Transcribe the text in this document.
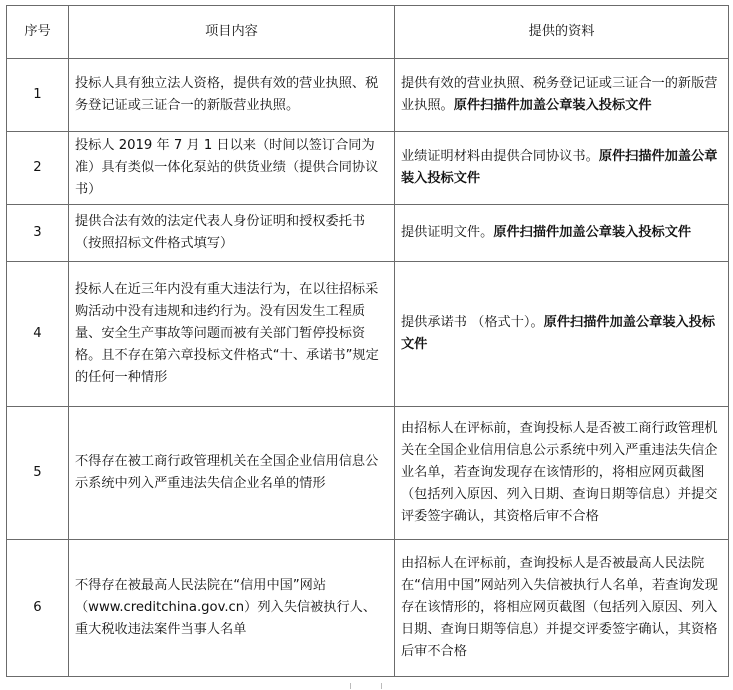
序号	项目内容	提供的资料
1	投标人具有独立法人资格，提供有效的营业执照、税务登记证或三证合一的新版营业执照。	提供有效的营业执照、税务登记证或三证合一的新版营业执照。原件扫描件加盖公章装入投标文件
2	投标人 2019 年 7 月 1 日以来（时间以签订合同为准）具有类似一体化泵站的供货业绩（提供合同协议书）	业绩证明材料由提供合同协议书。原件扫描件加盖公章装入投标文件
3	提供合法有效的法定代表人身份证明和授权委托书（按照招标文件格式填写）	提供证明文件。原件扫描件加盖公章装入投标文件
4	投标人在近三年内没有重大违法行为，在以往招标采购活动中没有违规和违约行为。没有因发生工程质量、安全生产事故等问题而被有关部门暂停投标资格。且不存在第六章投标文件格式“十、承诺书”规定的任何一种情形	提供承诺书 （格式十）。原件扫描件加盖公章装入投标文件
5	不得存在被工商行政管理机关在全国企业信用信息公示系统中列入严重违法失信企业名单的情形	由招标人在评标前，查询投标人是否被工商行政管理机关在全国企业信用信息公示系统中列入严重违法失信企业名单，若查询发现存在该情形的，将相应网页截图（包括列入原因、列入日期、查询日期等信息）并提交评委签字确认，其资格后审不合格
6	不得存在被最高人民法院在“信用中国”网站（www.creditchina.gov.cn）列入失信被执行人、重大税收违法案件当事人名单	由招标人在评标前，查询投标人是否被最高人民法院在“信用中国”网站列入失信被执行人名单，若查询发现存在该情形的，将相应网页截图（包括列入原因、列入日期、查询日期等信息）并提交评委签字确认，其资格后审不合格
